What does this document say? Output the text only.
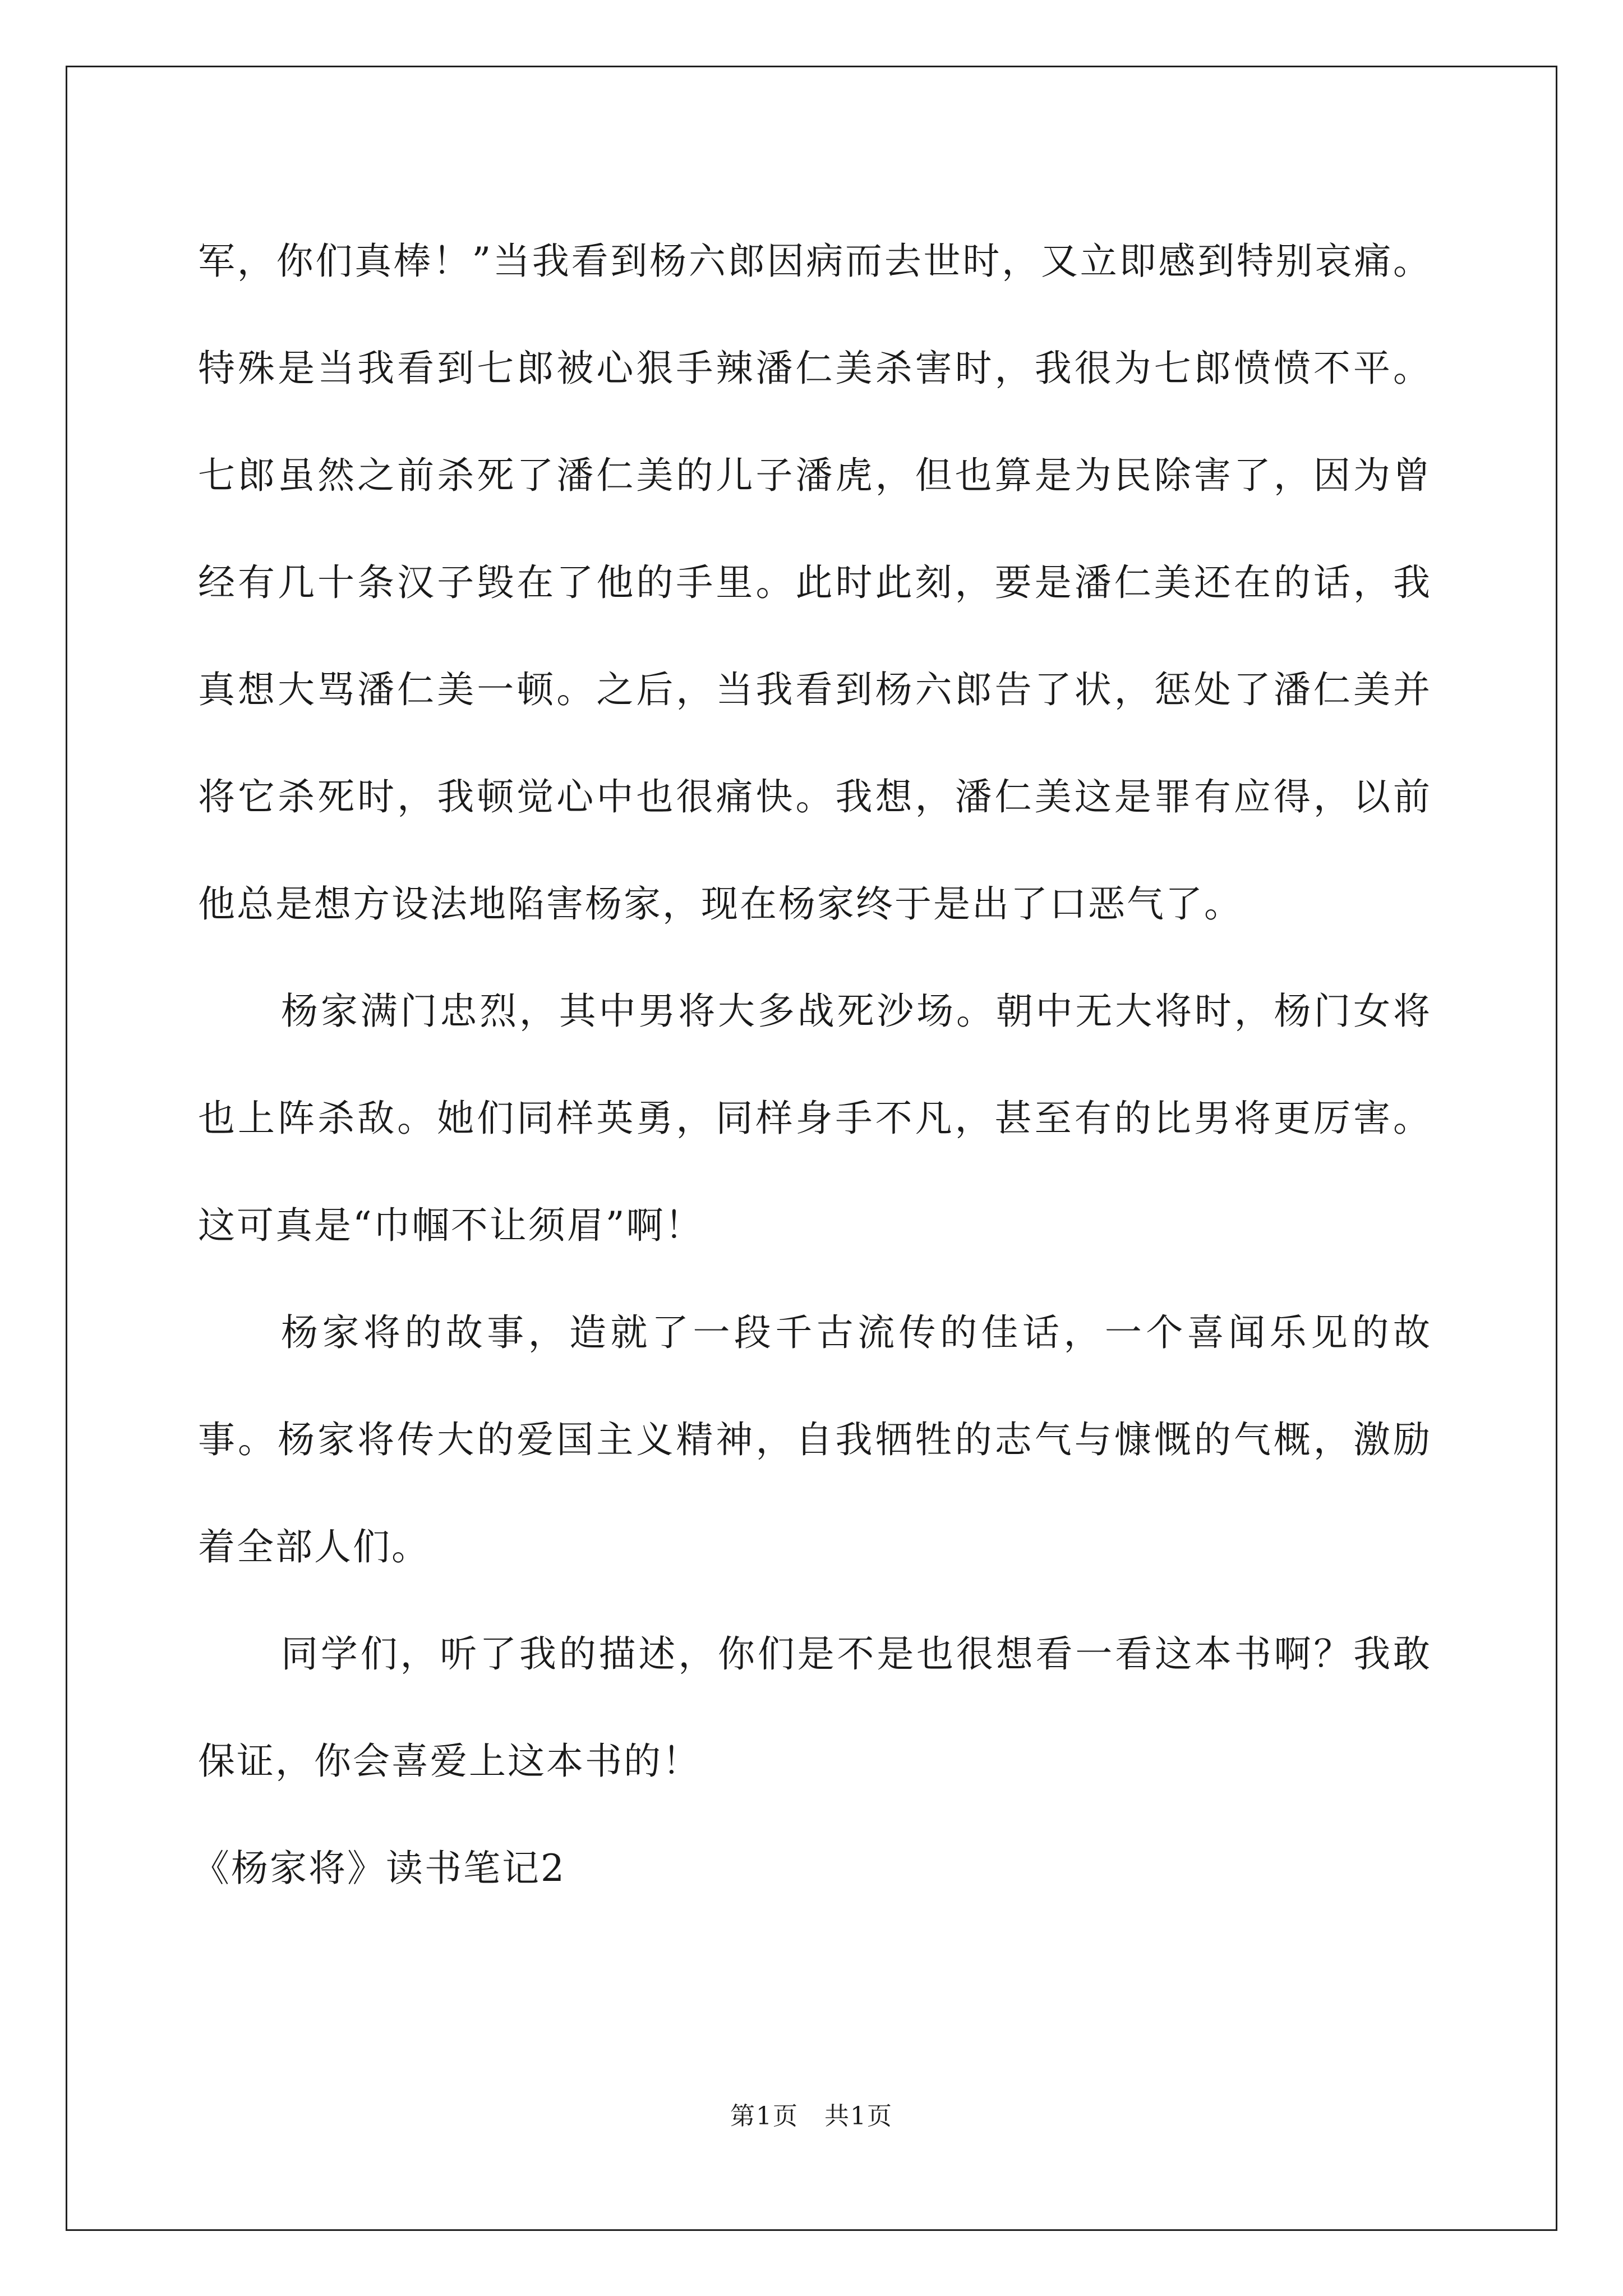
军，你们真棒！”当我看到杨六郎因病而去世时，又立即感到特别哀痛。特殊是当我看到七郎被心狠手辣潘仁美杀害时，我很为七郎愤愤不平。七郎虽然之前杀死了潘仁美的儿子潘虎，但也算是为民除害了，因为曾经有几十条汉子毁在了他的手里。此时此刻，要是潘仁美还在的话，我真想大骂潘仁美一顿。之后，当我看到杨六郎告了状，惩处了潘仁美并将它杀死时，我顿觉心中也很痛快。我想，潘仁美这是罪有应得，以前他总是想方设法地陷害杨家，现在杨家终于是出了口恶气了。

杨家满门忠烈，其中男将大多战死沙场。朝中无大将时，杨门女将也上阵杀敌。她们同样英勇，同样身手不凡，甚至有的比男将更厉害。这可真是“巾帼不让须眉”啊！

杨家将的故事，造就了一段千古流传的佳话，一个喜闻乐见的故事。杨家将传大的爱国主义精神，自我牺牲的志气与慷慨的气概，激励着全部人们。

同学们，听了我的描述，你们是不是也很想看一看这本书啊？我敢保证，你会喜爱上这本书的！

《杨家将》读书笔记2

第1页　共1页
